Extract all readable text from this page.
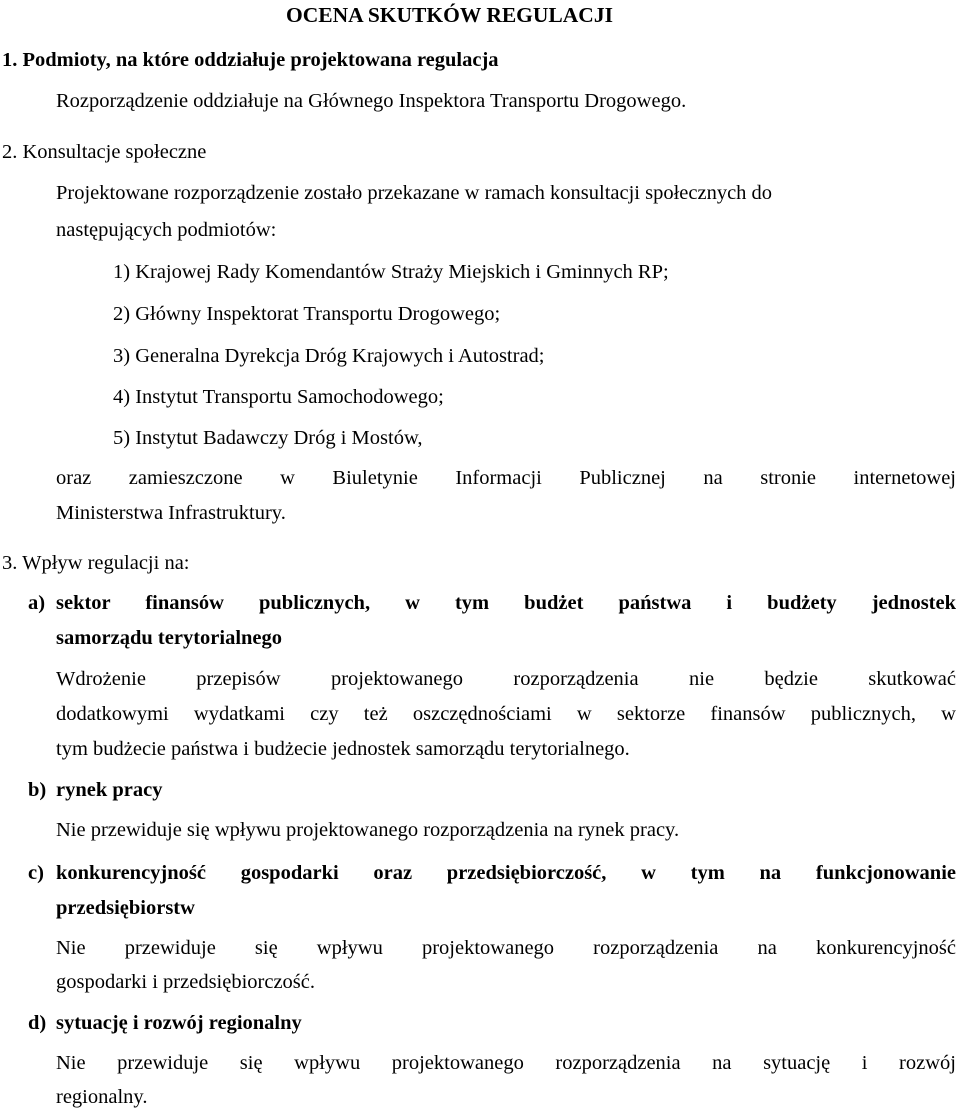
OCENA SKUTKÓW REGULACJI
1. Podmioty, na które oddziałuje projektowana regulacja
Rozporządzenie oddziałuje na Głównego Inspektora Transportu Drogowego.
2. Konsultacje społeczne
Projektowane rozporządzenie zostało przekazane w ramach konsultacji społecznych do
następujących podmiotów:
1) Krajowej Rady Komendantów Straży Miejskich i Gminnych RP;
2) Główny Inspektorat Transportu Drogowego;
3) Generalna Dyrekcja Dróg Krajowych i Autostrad;
4) Instytut Transportu Samochodowego;
5) Instytut Badawczy Dróg i Mostów,
oraz zamieszczone w Biuletynie Informacji Publicznej na stronie internetowej
Ministerstwa Infrastruktury.
3. Wpływ regulacji na:
a) sektor finansów publicznych, w tym budżet państwa i budżety jednostek
samorządu terytorialnego
Wdrożenie przepisów projektowanego rozporządzenia nie będzie skutkować
dodatkowymi wydatkami czy też oszczędnościami w sektorze finansów publicznych, w
tym budżecie państwa i budżecie jednostek samorządu terytorialnego.
b) rynek pracy
Nie przewiduje się wpływu projektowanego rozporządzenia na rynek pracy.
c) konkurencyjność gospodarki oraz przedsiębiorczość, w tym na funkcjonowanie
przedsiębiorstw
Nie przewiduje się wpływu projektowanego rozporządzenia na konkurencyjność
gospodarki i przedsiębiorczość.
d) sytuację i rozwój regionalny
Nie przewiduje się wpływu projektowanego rozporządzenia na sytuację i rozwój
regionalny.
